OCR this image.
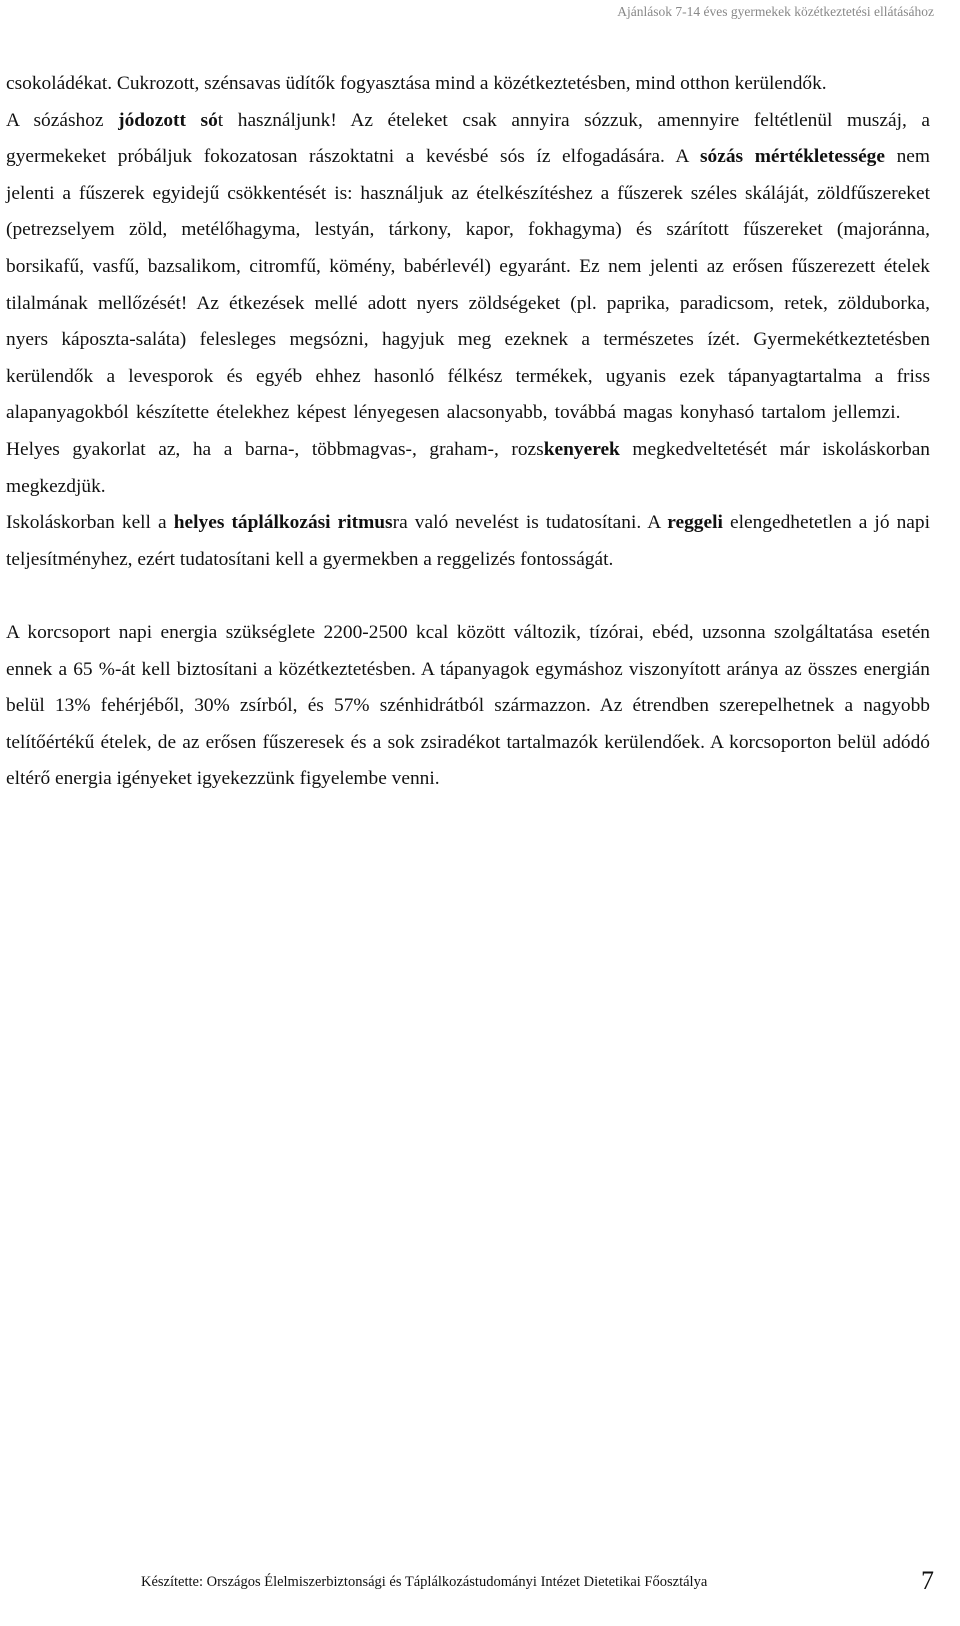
Ajánlások 7-14 éves gyermekek közétkeztetési ellátásához

csokoládékat. Cukrozott, szénsavas üdítők fogyasztása mind a közétkeztetésben, mind otthon kerülendők.

A sózáshoz jódozott sót használjunk! Az ételeket csak annyira sózzuk, amennyire feltétlenül muszáj, a gyermekeket próbáljuk fokozatosan rászoktatni a kevésbé sós íz elfogadására. A sózás mértékletessége nem jelenti a fűszerek egyidejű csökkentését is: használjuk az ételkészítéshez a fűszerek széles skáláját, zöldfűszereket (petrezselyem zöld, metélőhagyma, lestyán, tárkony, kapor, fokhagyma) és szárított fűszereket (majoránna, borsikafű, vasfű, bazsalikom, citromfű, kömény, babérlevél) egyaránt. Ez nem jelenti az erősen fűszerezett ételek tilalmának mellőzését! Az étkezések mellé adott nyers zöldségeket (pl. paprika, paradicsom, retek, zölduborka, nyers káposzta-saláta) felesleges megsózni, hagyjuk meg ezeknek a természetes ízét. Gyermekétkeztetésben kerülendők a levesporok és egyéb ehhez hasonló félkész termékek, ugyanis ezek tápanyagtartalma a friss alapanyagokból készítette ételekhez képest lényegesen alacsonyabb, továbbá magas konyhasó tartalom jellemzi.

Helyes gyakorlat az, ha a barna-, többmagvas-, graham-, rozskenyerek megkedveltetését már iskoláskorban megkezdjük.

Iskoláskorban kell a helyes táplálkozási ritmusra való nevelést is tudatosítani. A reggeli elengedhetetlen a jó napi teljesítményhez, ezért tudatosítani kell a gyermekben a reggelizés fontosságát.

A korcsoport napi energia szükséglete 2200-2500 kcal között változik, tízórai, ebéd, uzsonna szolgáltatása esetén ennek a 65 %-át kell biztosítani a közétkeztetésben. A tápanyagok egymáshoz viszonyított aránya az összes energián belül 13% fehérjéből, 30% zsírból, és 57% szénhidrátból származzon. Az étrendben szerepelhetnek a nagyobb telítőértékű ételek, de az erősen fűszeresek és a sok zsiradékot tartalmazók kerülendőek. A korcsoporton belül adódó eltérő energia igényeket igyekezzünk figyelembe venni.

Készítette: Országos Élelmiszerbiztonsági és Táplálkozástudományi Intézet Dietetikai Főosztálya	7
